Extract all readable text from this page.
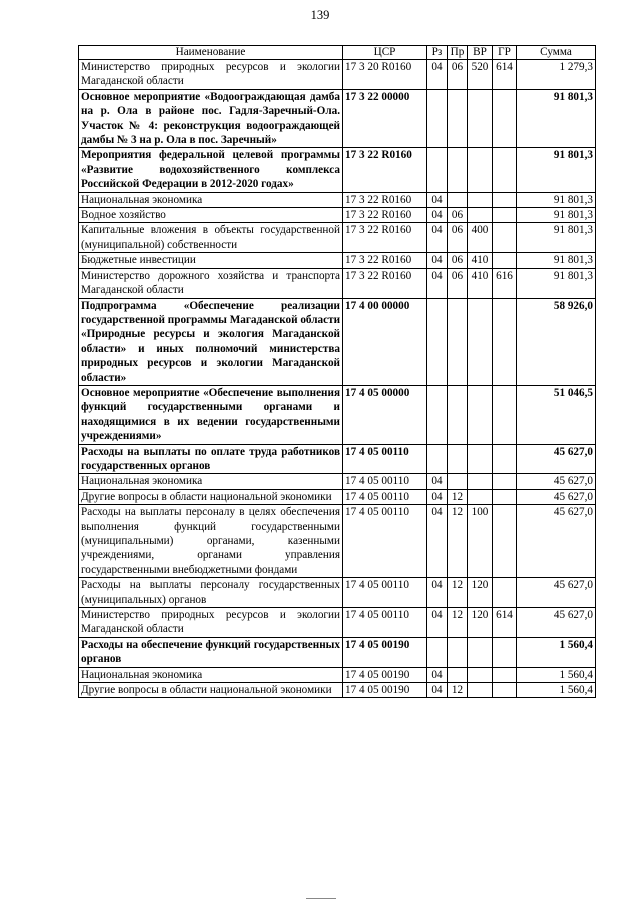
139
Наименование	ЦСР	Рз	Пр	ВР	ГР	Сумма
Министерство природных ресурсов и экологии Магаданской области	17 3 20 R0160	04	06	520	614	1 279,3
Основное мероприятие «Водоограждающая дамба на р. Ола в районе пос. Гадля-Заречный-Ола. Участок № 4: реконструкция водоограждающей дамбы № 3 на р. Ола в пос. Заречный»	17 3 22 00000					91 801,3
Мероприятия федеральной целевой программы «Развитие водохозяйственного комплекса Российской Федерации в 2012-2020 годах»	17 3 22 R0160					91 801,3
Национальная экономика	17 3 22 R0160	04				91 801,3
Водное хозяйство	17 3 22 R0160	04	06			91 801,3
Капитальные вложения в объекты государственной (муниципальной) собственности	17 3 22 R0160	04	06	400		91 801,3
Бюджетные инвестиции	17 3 22 R0160	04	06	410		91 801,3
Министерство дорожного хозяйства и транспорта Магаданской области	17 3 22 R0160	04	06	410	616	91 801,3
Подпрограмма «Обеспечение реализации государственной программы Магаданской области «Природные ресурсы и экология Магаданской области» и иных полномочий министерства природных ресурсов и экологии Магаданской области»	17 4 00 00000					58 926,0
Основное мероприятие «Обеспечение выполнения функций государственными органами и находящимися в их ведении государственными учреждениями»	17 4 05 00000					51 046,5
Расходы на выплаты по оплате труда работников государственных органов	17 4 05 00110					45 627,0
Национальная экономика	17 4 05 00110	04				45 627,0
Другие вопросы в области национальной экономики	17 4 05 00110	04	12			45 627,0
Расходы на выплаты персоналу в целях обеспечения выполнения функций государственными (муниципальными) органами, казенными учреждениями, органами управления государственными внебюджетными фондами	17 4 05 00110	04	12	100		45 627,0
Расходы на выплаты персоналу государственных (муниципальных) органов	17 4 05 00110	04	12	120		45 627,0
Министерство природных ресурсов и экологии Магаданской области	17 4 05 00110	04	12	120	614	45 627,0
Расходы на обеспечение функций государственных органов	17 4 05 00190					1 560,4
Национальная экономика	17 4 05 00190	04				1 560,4
Другие вопросы в области национальной экономики	17 4 05 00190	04	12			1 560,4
